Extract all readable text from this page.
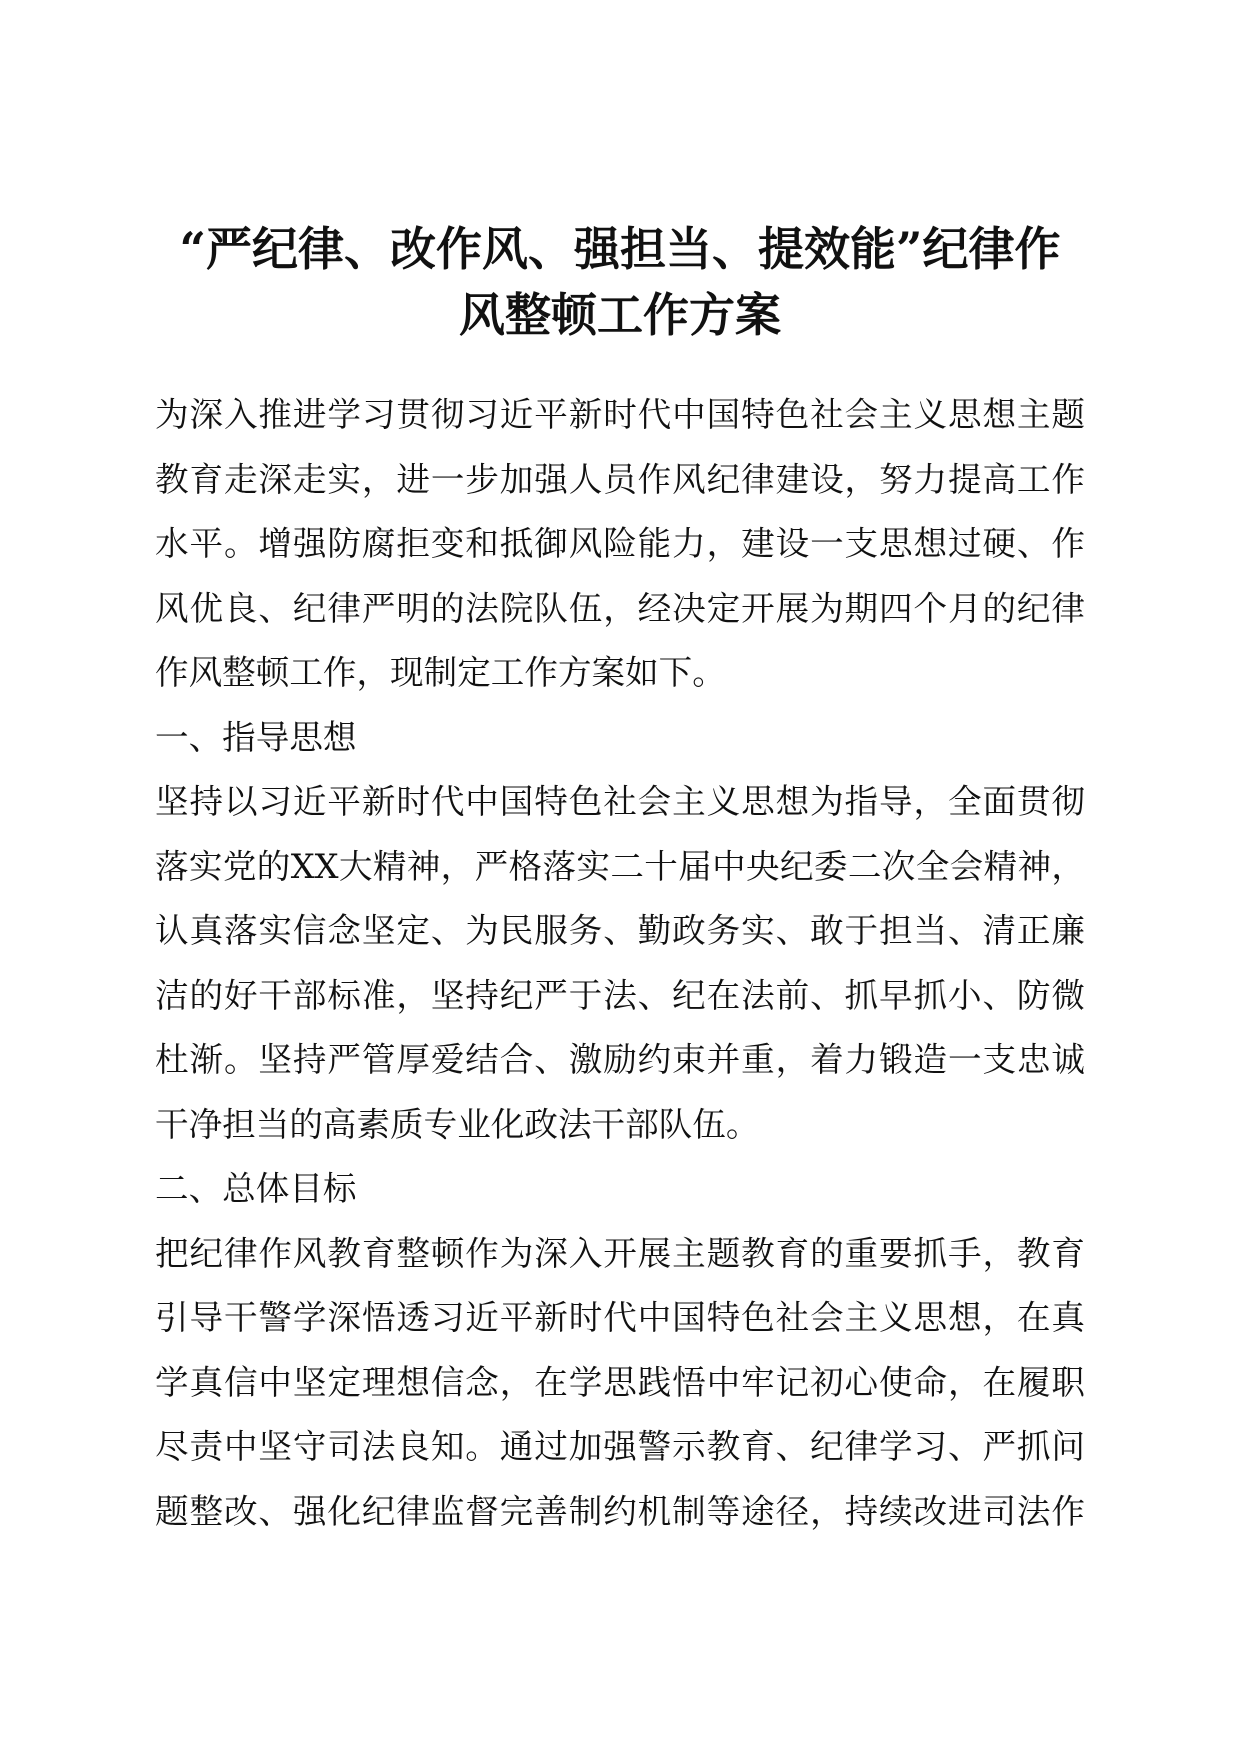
“严纪律、改作风、强担当、提效能”纪律作
风整顿工作方案
为深入推进学习贯彻习近平新时代中国特色社会主义思想主题
教育走深走实，进一步加强人员作风纪律建设，努力提高工作
水平。增强防腐拒变和抵御风险能力，建设一支思想过硬、作
风优良、纪律严明的法院队伍，经决定开展为期四个月的纪律
作风整顿工作，现制定工作方案如下。
一、指导思想
坚持以习近平新时代中国特色社会主义思想为指导，全面贯彻
落实党的XX大精神，严格落实二十届中央纪委二次全会精神，
认真落实信念坚定、为民服务、勤政务实、敢于担当、清正廉
洁的好干部标准，坚持纪严于法、纪在法前、抓早抓小、防微
杜渐。坚持严管厚爱结合、激励约束并重，着力锻造一支忠诚
干净担当的高素质专业化政法干部队伍。
二、总体目标
把纪律作风教育整顿作为深入开展主题教育的重要抓手，教育
引导干警学深悟透习近平新时代中国特色社会主义思想，在真
学真信中坚定理想信念，在学思践悟中牢记初心使命，在履职
尽责中坚守司法良知。通过加强警示教育、纪律学习、严抓问
题整改、强化纪律监督完善制约机制等途径，持续改进司法作
